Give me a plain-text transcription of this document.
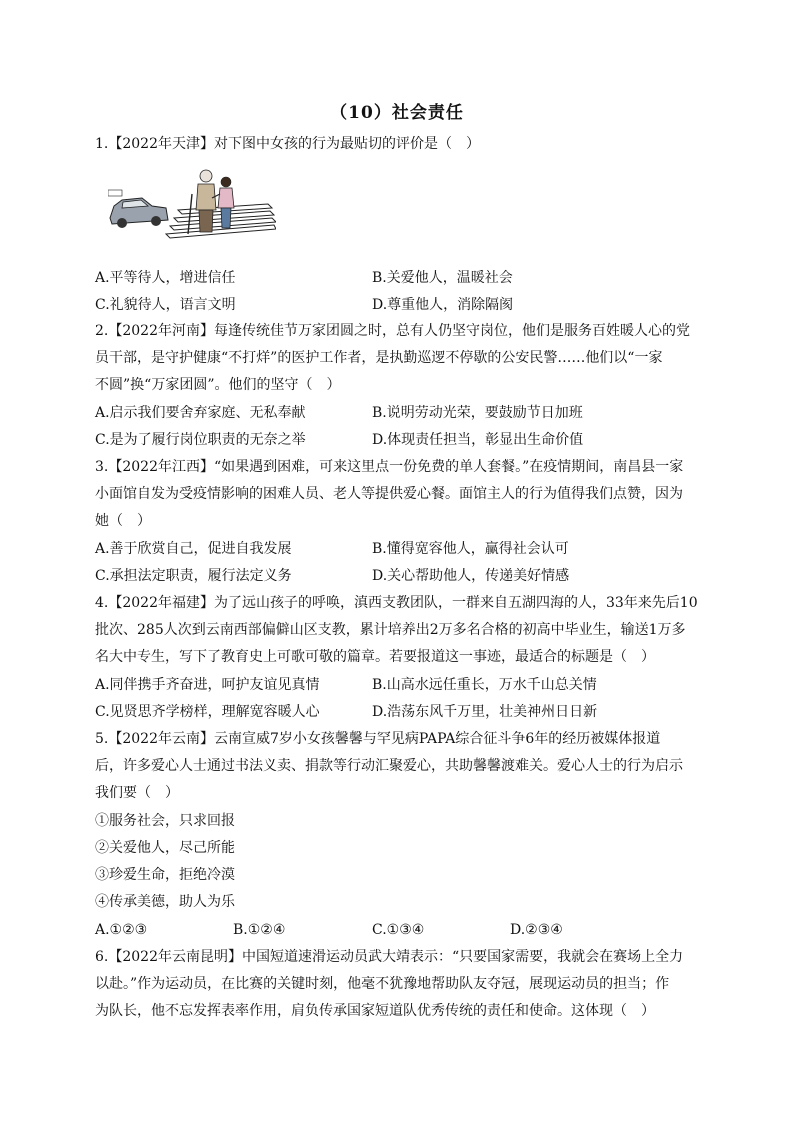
（10）社会责任
1.【2022年天津】对下图中女孩的行为最贴切的评价是（　）
A.平等待人，增进信任	B.关爱他人，温暖社会
C.礼貌待人，语言文明	D.尊重他人，消除隔阂
2.【2022年河南】每逢传统佳节万家团圆之时，总有人仍坚守岗位，他们是服务百姓暖人心的党
员干部，是守护健康“不打烊”的医护工作者，是执勤巡逻不停歇的公安民警……他们以“一家
不圆”换“万家团圆”。他们的坚守（　）
A.启示我们要舍弃家庭、无私奉献	B.说明劳动光荣，要鼓励节日加班
C.是为了履行岗位职责的无奈之举	D.体现责任担当，彰显出生命价值
3.【2022年江西】“如果遇到困难，可来这里点一份免费的单人套餐。”在疫情期间，南昌县一家
小面馆自发为受疫情影响的困难人员、老人等提供爱心餐。面馆主人的行为值得我们点赞，因为
她（　）
A.善于欣赏自己，促进自我发展	B.懂得宽容他人，赢得社会认可
C.承担法定职责，履行法定义务	D.关心帮助他人，传递美好情感
4.【2022年福建】为了远山孩子的呼唤，滇西支教团队，一群来自五湖四海的人，33年来先后10
批次、285人次到云南西部偏僻山区支教，累计培养出2万多名合格的初高中毕业生，输送1万多
名大中专生，写下了教育史上可歌可敬的篇章。若要报道这一事迹，最适合的标题是（　）
A.同伴携手齐奋进，呵护友谊见真情	B.山高水远任重长，万水千山总关情
C.见贤思齐学榜样，理解宽容暖人心	D.浩荡东风千万里，壮美神州日日新
5.【2022年云南】云南宣威7岁小女孩馨馨与罕见病PAPA综合征斗争6年的经历被媒体报道
后，许多爱心人士通过书法义卖、捐款等行动汇聚爱心，共助馨馨渡难关。爱心人士的行为启示
我们要（　）
①服务社会，只求回报
②关爱他人，尽己所能
③珍爱生命，拒绝冷漠
④传承美德，助人为乐
A.①②③	B.①②④	C.①③④	D.②③④
6.【2022年云南昆明】中国短道速滑运动员武大靖表示：“只要国家需要，我就会在赛场上全力
以赴。”作为运动员，在比赛的关键时刻，他毫不犹豫地帮助队友夺冠，展现运动员的担当；作
为队长，他不忘发挥表率作用，肩负传承国家短道队优秀传统的责任和使命。这体现（　）
